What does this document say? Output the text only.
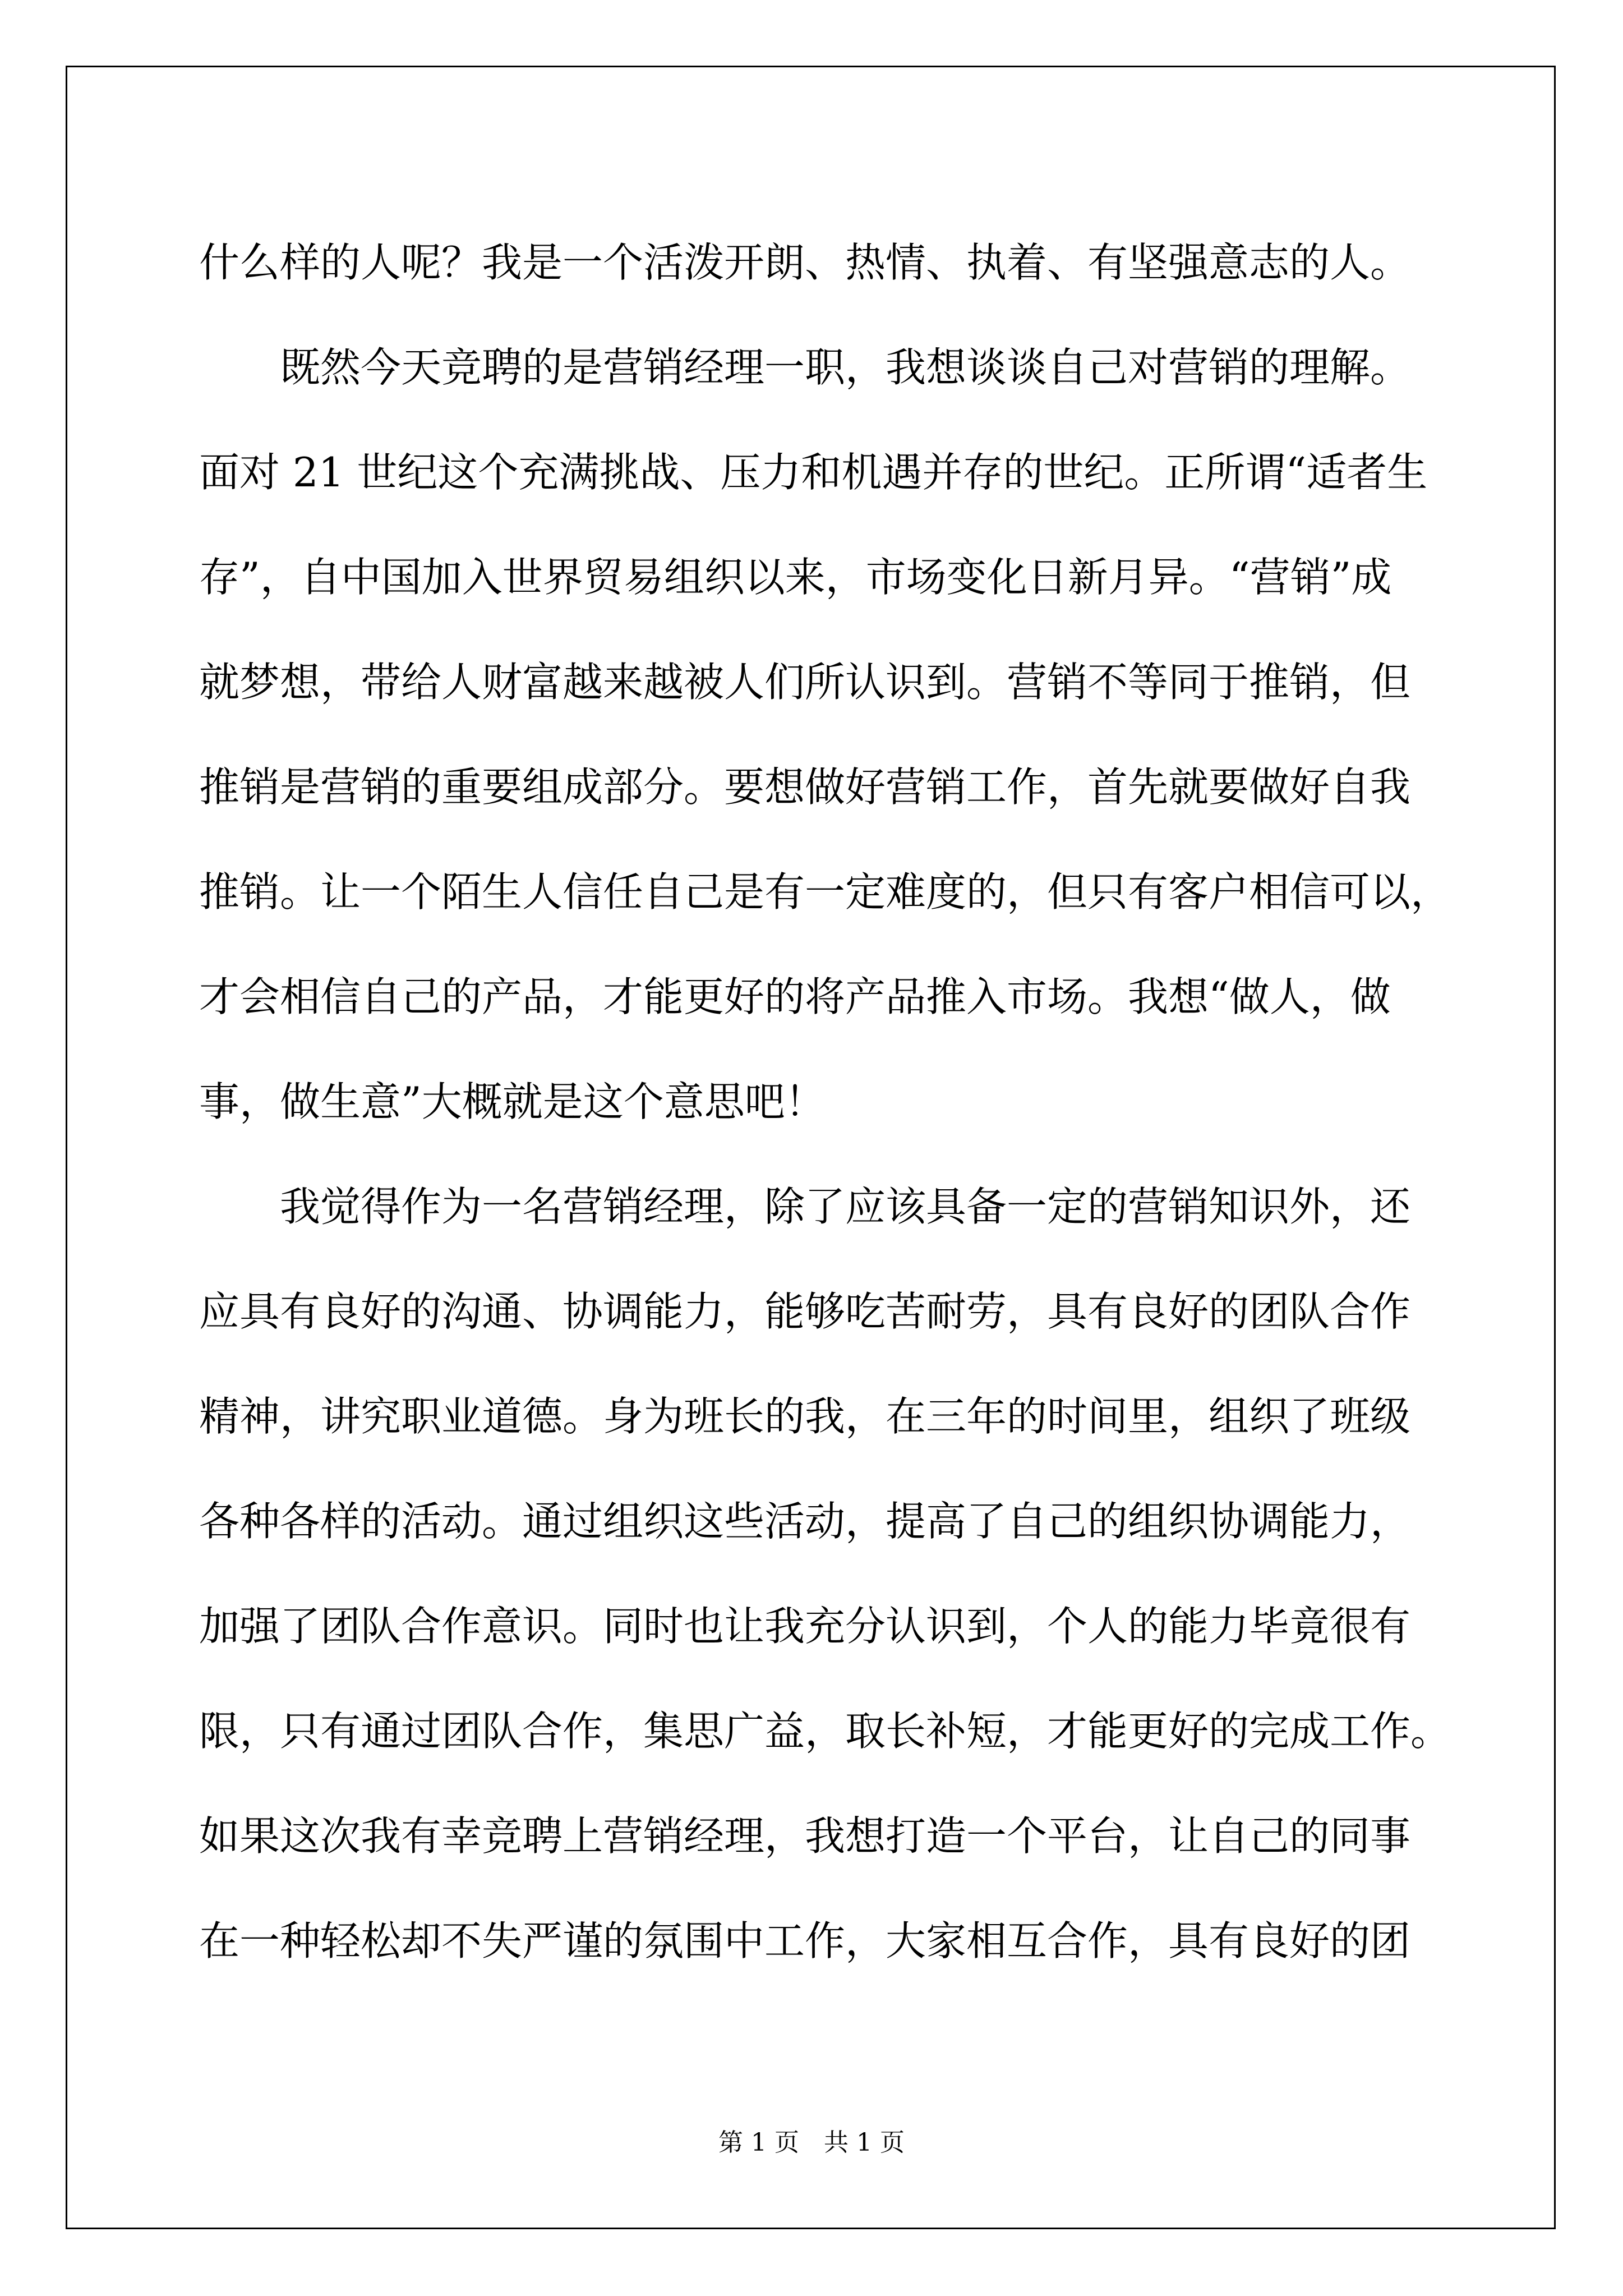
什么样的人呢？我是一个活泼开朗、热情、执着、有坚强意志的人。
　　既然今天竞聘的是营销经理一职，我想谈谈自己对营销的理解。
面对 21 世纪这个充满挑战、压力和机遇并存的世纪。正所谓“适者生
存”，自中国加入世界贸易组织以来，市场变化日新月异。“营销”成
就梦想，带给人财富越来越被人们所认识到。营销不等同于推销，但
推销是营销的重要组成部分。要想做好营销工作，首先就要做好自我
推销。让一个陌生人信任自己是有一定难度的，但只有客户相信可以，
才会相信自己的产品，才能更好的将产品推入市场。我想“做人，做
事，做生意”大概就是这个意思吧！
　　我觉得作为一名营销经理，除了应该具备一定的营销知识外，还
应具有良好的沟通、协调能力，能够吃苦耐劳，具有良好的团队合作
精神，讲究职业道德。身为班长的我，在三年的时间里，组织了班级
各种各样的活动。通过组织这些活动，提高了自己的组织协调能力，
加强了团队合作意识。同时也让我充分认识到，个人的能力毕竟很有
限，只有通过团队合作，集思广益，取长补短，才能更好的完成工作。
如果这次我有幸竞聘上营销经理，我想打造一个平台，让自己的同事
在一种轻松却不失严谨的氛围中工作，大家相互合作，具有良好的团
第 1 页　共 1 页
